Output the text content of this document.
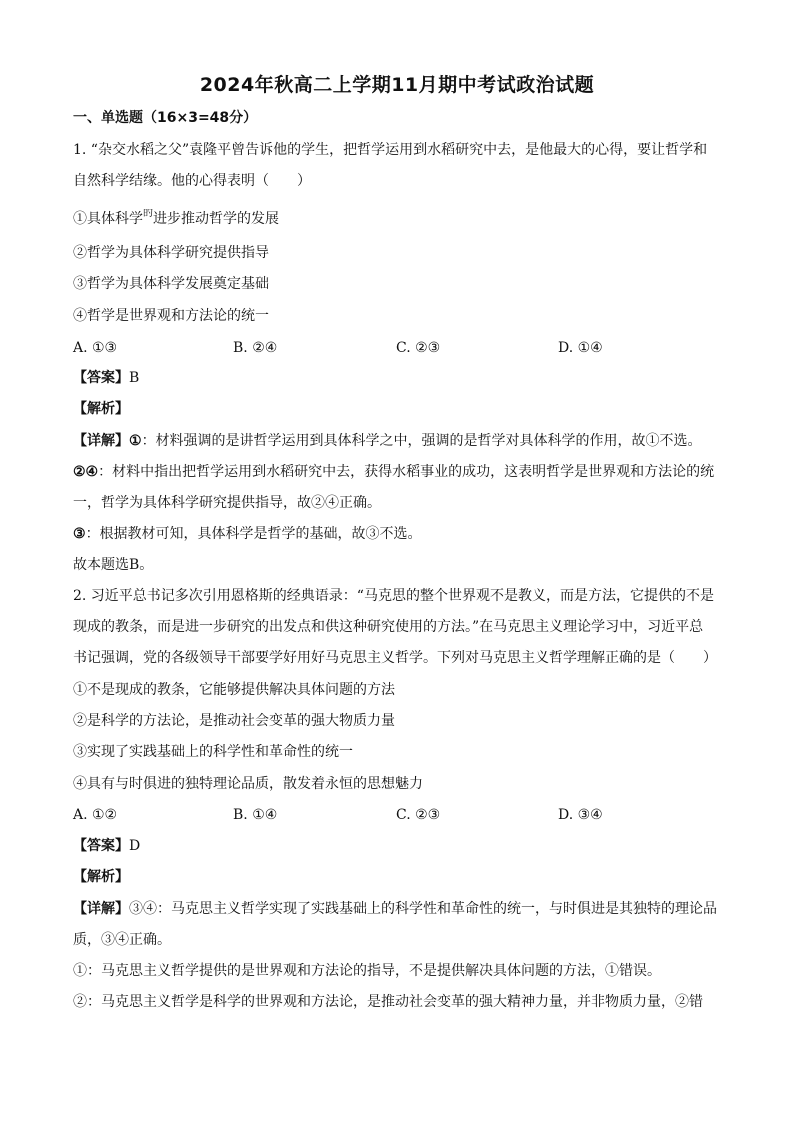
2024年秋高二上学期11月期中考试政治试题
一、单选题（16×3=48分）
1. “杂交水稻之父”袁隆平曾告诉他的学生，把哲学运用到水稻研究中去，是他最大的心得，要让哲学和
自然科学结缘。他的心得表明（　　）
①具体科学$^的$进步推动哲学的发展
②哲学为具体科学研究提供指导
③哲学为具体科学发展奠定基础
④哲学是世界观和方法论的统一
A. ①③	B. ②④	C. ②③	D. ①④
【答案】B
【解析】
【详解】①：材料强调的是讲哲学运用到具体科学之中，强调的是哲学对具体科学的作用，故①不选。
②④：材料中指出把哲学运用到水稻研究中去，获得水稻事业的成功，这表明哲学是世界观和方法论的统
一，哲学为具体科学研究提供指导，故②④正确。
③：根据教材可知，具体科学是哲学的基础，故③不选。
故本题选B。
2. 习近平总书记多次引用恩格斯的经典语录：“马克思的整个世界观不是教义，而是方法，它提供的不是
现成的教条，而是进一步研究的出发点和供这种研究使用的方法。”在马克思主义理论学习中，习近平总
书记强调，党的各级领导干部要学好用好马克思主义哲学。下列对马克思主义哲学理解正确的是（　　）
①不是现成的教条，它能够提供解决具体问题的方法
②是科学的方法论，是推动社会变革的强大物质力量
③实现了实践基础上的科学性和革命性的统一
④具有与时俱进的独特理论品质，散发着永恒的思想魅力
A. ①②	B. ①④	C. ②③	D. ③④
【答案】D
【解析】
【详解】③④：马克思主义哲学实现了实践基础上的科学性和革命性的统一，与时俱进是其独特的理论品
质，③④正确。
①：马克思主义哲学提供的是世界观和方法论的指导，不是提供解决具体问题的方法，①错误。
②：马克思主义哲学是科学的世界观和方法论，是推动社会变革的强大精神力量，并非物质力量，②错
